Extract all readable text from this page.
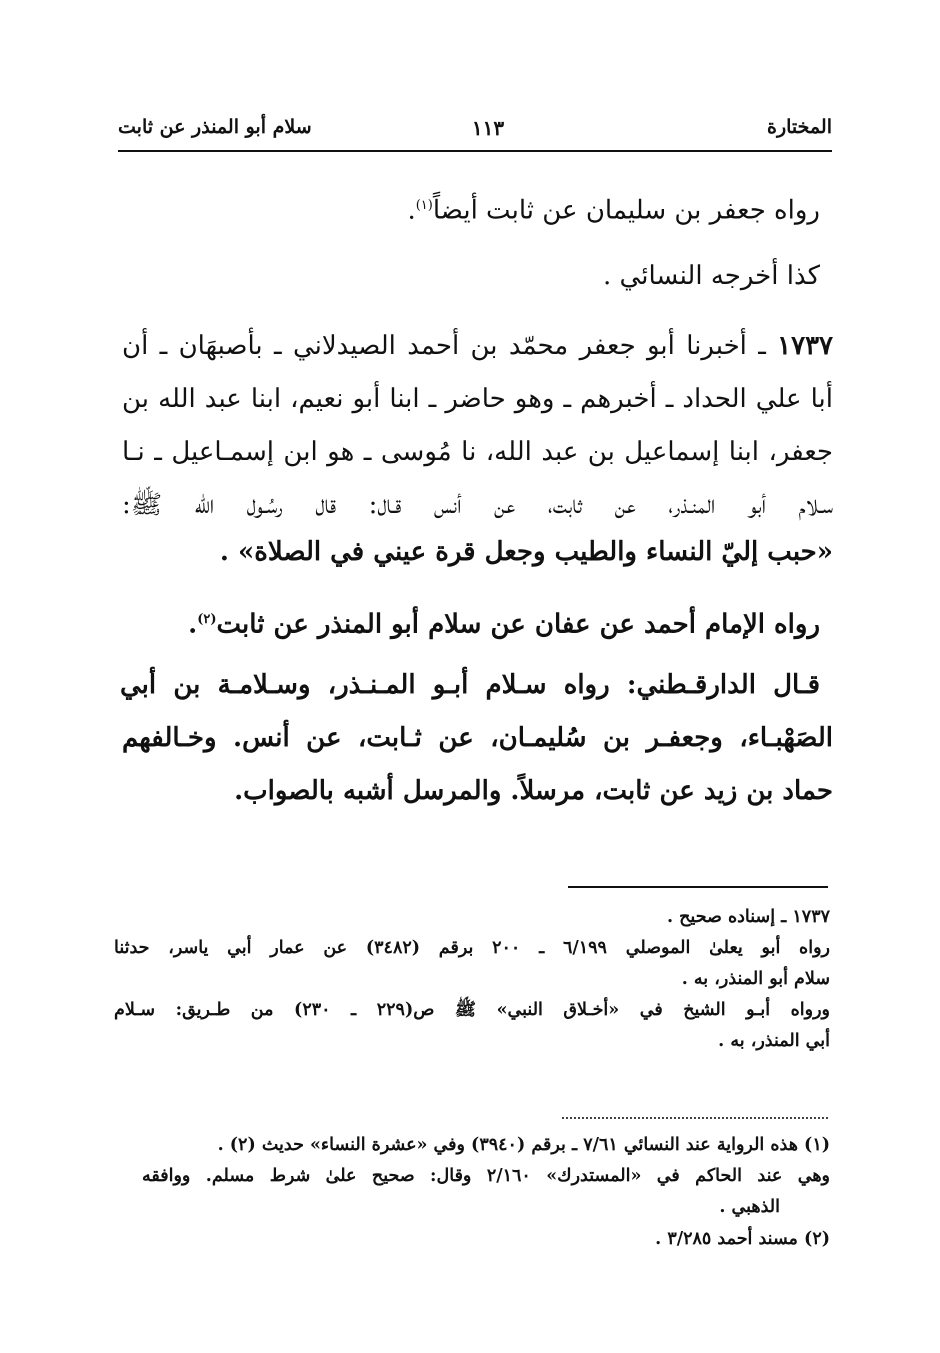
المختارة
١١٣
سلام أبو المنذر عن ثابت
رواه جعفر بن سليمان عن ثابت أيضاً$^{(١)}$.
كذا أخرجه النسائي .
١٧٣٧ ـ أخبرنا أبو جعفر محمّد بن أحمد الصيدلاني ـ بأصبهَان ـ أن
أبا علي الحداد ـ أخبرهم ـ وهو حاضر ـ ابنا أبو نعيم، ابنا عبد الله بن
جعفر، ابنا إسماعيل بن عبد الله، نا مُوسى ـ هو ابن إسمـاعيل ـ نـا
سـلام أبو المنـذر، عن ثابت، عن أنس قـال: قال رسُـول الله ﷺ:
«حبب إليّ النساء والطيب وجعل قرة عيني في الصلاة» .
رواه الإمام أحمد عن عفان عن سلام أبو المنذر عن ثابت$^{(٢)}$.
قـال الدارقـطني: رواه سـلام أبـو المـنـذر، وسـلامـة بن أبي
الصَهْبـاء، وجعفـر بن سُليمـان، عن ثـابت، عن أنس. وخـالفهم
حماد بن زيد عن ثابت، مرسلاً. والمرسل أشبه بالصواب.
١٧٣٧ ـ إسناده صحيح .
رواه أبو يعلىٰ الموصلي ٦/١٩٩ ـ ٢٠٠ برقم (٣٤٨٢) عن عمار أبي ياسر، حدثنا
سلام أبو المنذر، به .
ورواه أبـو الشيخ في «أخـلاق النبي» ﷺ ص(٢٢٩ ـ ٢٣٠) من طـريق: سـلام
أبي المنذر، به .
(١) هذه الرواية عند النسائي ٧/٦١ ـ برقم (٣٩٤٠) وفي «عشرة النساء» حديث (٢) .
وهي عند الحاكم في «المستدرك» ٢/١٦٠ وقال: صحيح علىٰ شرط مسلم. ووافقه
الذهبي .
(٢) مسند أحمد ٣/٢٨٥ .
